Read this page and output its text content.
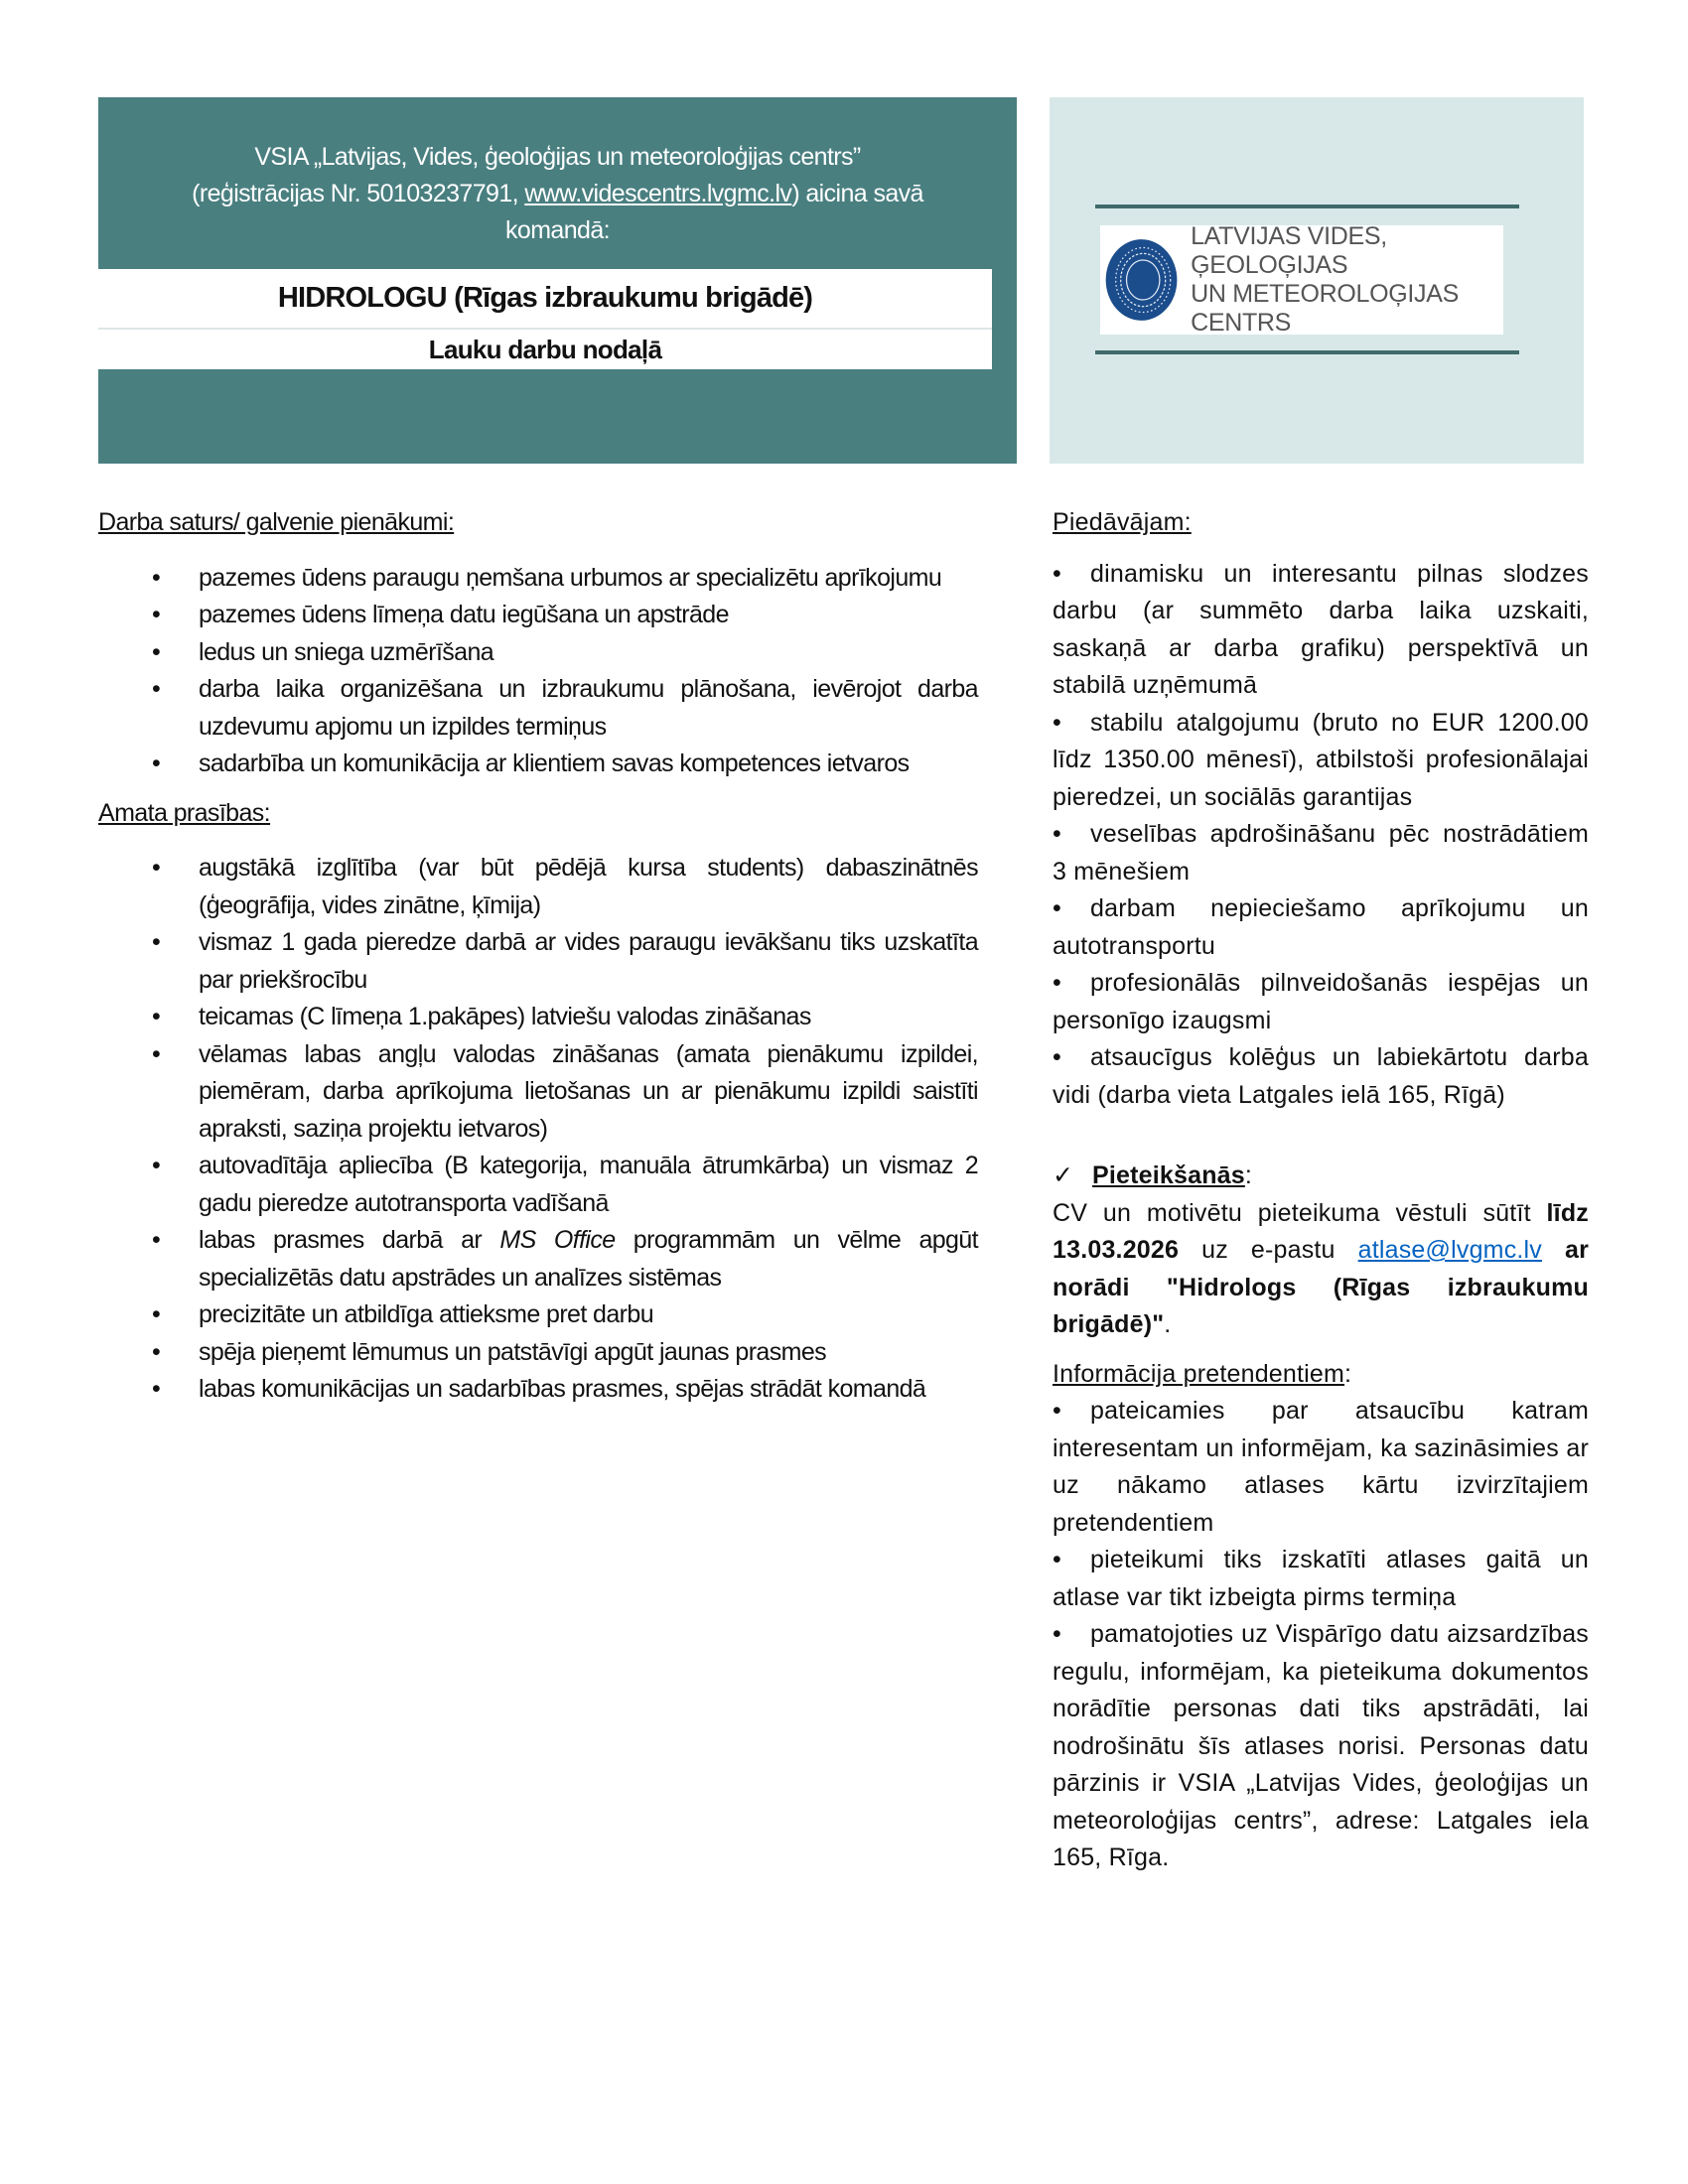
VSIA „Latvijas, Vides, ģeoloģijas un meteoroloģijas centrs”
(reģistrācijas Nr. 50103237791, www.videscentrs.lvgmc.lv) aicina savā
komandā:
HIDROLOGU (Rīgas izbraukumu brigādē)
Lauku darbu nodaļā
LATVIJAS VIDES, ĢEOLOĢIJAS
UN METEOROLOĢIJAS CENTRS

Darba saturs/ galvenie pienākumi:

• pazemes ūdens paraugu ņemšana urbumos ar specializētu aprīkojumu
• pazemes ūdens līmeņa datu iegūšana un apstrāde
• ledus un sniega uzmērīšana
• darba laika organizēšana un izbraukumu plānošana, ievērojot darba uzdevumu apjomu un izpildes termiņus
• sadarbība un komunikācija ar klientiem savas kompetences ietvaros

Amata prasības:

• augstākā izglītība (var būt pēdējā kursa students) dabaszinātnēs (ģeogrāfija, vides zinātne, ķīmija)
• vismaz 1 gada pieredze darbā ar vides paraugu ievākšanu tiks uzskatīta par priekšrocību
• teicamas (C līmeņa 1.pakāpes) latviešu valodas zināšanas
• vēlamas labas angļu valodas zināšanas (amata pienākumu izpildei, piemēram, darba aprīkojuma lietošanas un ar pienākumu izpildi saistīti apraksti, saziņa projektu ietvaros)
• autovadītāja apliecība (B kategorija, manuāla ātrumkārba) un vismaz 2 gadu pieredze autotransporta vadīšanā
• labas prasmes darbā ar MS Office programmām un vēlme apgūt specializētās datu apstrādes un analīzes sistēmas
• precizitāte un atbildīga attieksme pret darbu
• spēja pieņemt lēmumus un patstāvīgi apgūt jaunas prasmes
• labas komunikācijas un sadarbības prasmes, spējas strādāt komandā

Piedāvājam:

• dinamisku un interesantu pilnas slodzes darbu (ar summēto darba laika uzskaiti, saskaņā ar darba grafiku) perspektīvā un stabilā uzņēmumā
• stabilu atalgojumu (bruto no EUR 1200.00 līdz 1350.00 mēnesī), atbilstoši profesionālajai pieredzei, un sociālās garantijas
• veselības apdrošināšanu pēc nostrādātiem 3 mēnešiem
• darbam nepieciešamo aprīkojumu un autotransportu
• profesionālās pilnveidošanās iespējas un personīgo izaugsmi
• atsaucīgus kolēģus un labiekārtotu darba vidi (darba vieta Latgales ielā 165, Rīgā)
✓ Pieteikšanās:
CV un motivētu pieteikuma vēstuli sūtīt līdz 13.03.2026 uz e-pastu atlase@lvgmc.lv ar norādi "Hidrologs (Rīgas izbraukumu brigādē)".
Informācija pretendentiem:
• pateicamies par atsaucību katram interesentam un informējam, ka sazināsimies ar uz nākamo atlases kārtu izvirzītajiem pretendentiem
• pieteikumi tiks izskatīti atlases gaitā un atlase var tikt izbeigta pirms termiņa
• pamatojoties uz Vispārīgo datu aizsardzības regulu, informējam, ka pieteikuma dokumentos norādītie personas dati tiks apstrādāti, lai nodrošinātu šīs atlases norisi. Personas datu pārzinis ir VSIA „Latvijas Vides, ģeoloģijas un meteoroloģijas centrs”, adrese: Latgales iela 165, Rīga.
